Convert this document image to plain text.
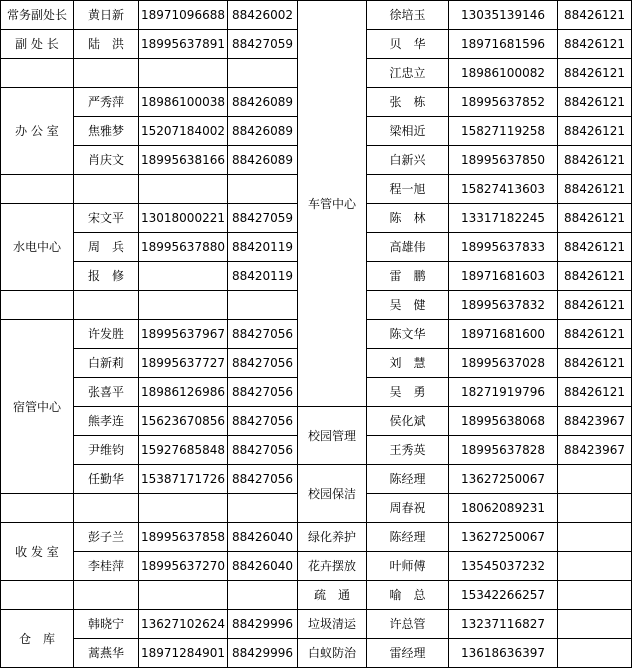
常务副处长	黄日新	18971096688	88426002	车管中心	徐培玉	13035139146	88426121
副 处 长	陆　洪	18995637891	88427059		贝　华	18971681596	88426121
					江忠立	18986100082	88426121
办 公 室	严秀萍	18986100038	88426089		张　栋	18995637852	88426121
	焦雅梦	15207184002	88426089		梁相近	15827119258	88426121
	肖庆文	18995638166	88426089		白新兴	18995637850	88426121
					程一旭	15827413603	88426121
水电中心	宋文平	13018000221	88427059		陈　林	13317182245	88426121
	周　兵	18995637880	88420119		高雄伟	18995637833	88426121
	报　修		88420119		雷　鹏	18971681603	88426121
					吴　健	18995637832	88426121
宿管中心	许发胜	18995637967	88427056		陈文华	18971681600	88426121
	白新莉	18995637727	88427056		刘　慧	18995637028	88426121
	张喜平	18986126986	88427056		吴　勇	18271919796	88426121
	熊孝连	15623670856	88427056	校园管理	侯化斌	18995638068	88423967
	尹维钧	15927685848	88427056		王秀英	18995637828	88423967
	任勤华	15387171726	88427056	校园保洁	陈经理	13627250067	
					周春祝	18062089231	
收 发 室	彭子兰	18995637858	88426040	绿化养护	陈经理	13627250067	
	李桂萍	18995637270	88426040	花卉摆放	叶师傅	13545037232	
				疏　通	喻　总	15342266257	
仓　库	韩晓宁	13627102624	88429996	垃圾清运	许总管	13237116827	
	蒿燕华	18971284901	88429996	白蚁防治	雷经理	13618636397	
